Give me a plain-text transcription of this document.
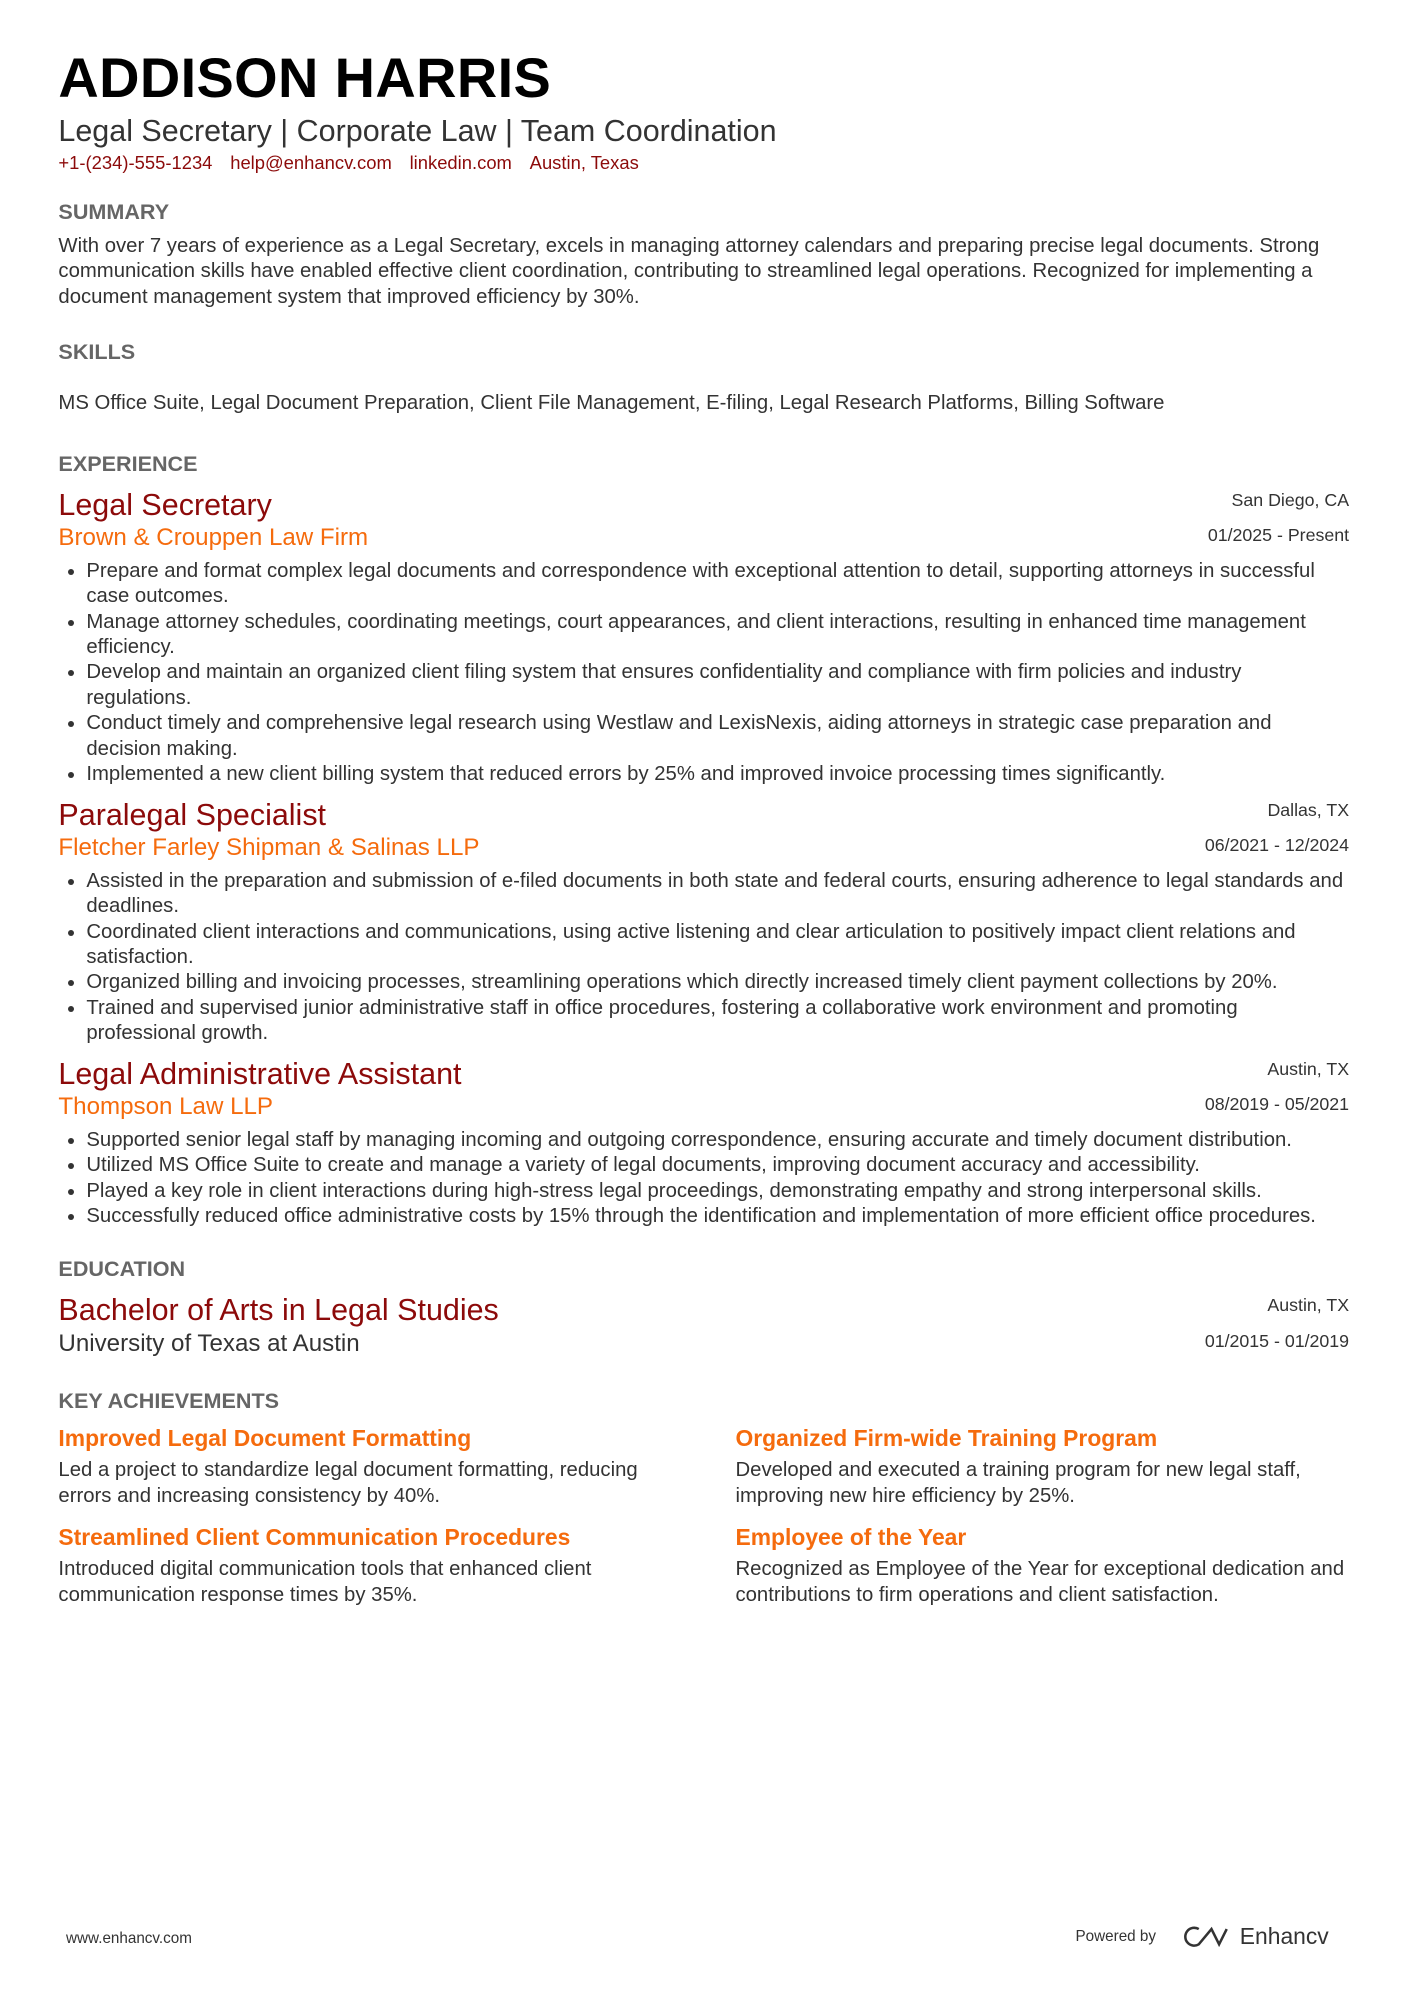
ADDISON HARRIS
Legal Secretary | Corporate Law | Team Coordination
+1-(234)-555-1234 help@enhancv.com linkedin.com Austin, Texas
SUMMARY
With over 7 years of experience as a Legal Secretary, excels in managing attorney calendars and preparing precise legal documents. Strong communication skills have enabled effective client coordination, contributing to streamlined legal operations. Recognized for implementing a document management system that improved efficiency by 30%.
SKILLS
MS Office Suite, Legal Document Preparation, Client File Management, E-filing, Legal Research Platforms, Billing Software
EXPERIENCE
Legal Secretary
Brown & Crouppen Law Firm
San Diego, CA
01/2025 - Present
• Prepare and format complex legal documents and correspondence with exceptional attention to detail, supporting attorneys in successful case outcomes.
• Manage attorney schedules, coordinating meetings, court appearances, and client interactions, resulting in enhanced time management efficiency.
• Develop and maintain an organized client filing system that ensures confidentiality and compliance with firm policies and industry regulations.
• Conduct timely and comprehensive legal research using Westlaw and LexisNexis, aiding attorneys in strategic case preparation and decision making.
• Implemented a new client billing system that reduced errors by 25% and improved invoice processing times significantly.
Paralegal Specialist
Fletcher Farley Shipman & Salinas LLP
Dallas, TX
06/2021 - 12/2024
• Assisted in the preparation and submission of e-filed documents in both state and federal courts, ensuring adherence to legal standards and deadlines.
• Coordinated client interactions and communications, using active listening and clear articulation to positively impact client relations and satisfaction.
• Organized billing and invoicing processes, streamlining operations which directly increased timely client payment collections by 20%.
• Trained and supervised junior administrative staff in office procedures, fostering a collaborative work environment and promoting professional growth.
Legal Administrative Assistant
Thompson Law LLP
Austin, TX
08/2019 - 05/2021
• Supported senior legal staff by managing incoming and outgoing correspondence, ensuring accurate and timely document distribution.
• Utilized MS Office Suite to create and manage a variety of legal documents, improving document accuracy and accessibility.
• Played a key role in client interactions during high-stress legal proceedings, demonstrating empathy and strong interpersonal skills.
• Successfully reduced office administrative costs by 15% through the identification and implementation of more efficient office procedures.
EDUCATION
Bachelor of Arts in Legal Studies
University of Texas at Austin
Austin, TX
01/2015 - 01/2019
KEY ACHIEVEMENTS
Improved Legal Document Formatting
Led a project to standardize legal document formatting, reducing errors and increasing consistency by 40%.
Organized Firm-wide Training Program
Developed and executed a training program for new legal staff, improving new hire efficiency by 25%.
Streamlined Client Communication Procedures
Introduced digital communication tools that enhanced client communication response times by 35%.
Employee of the Year
Recognized as Employee of the Year for exceptional dedication and contributions to firm operations and client satisfaction.
www.enhancv.com	Powered by	Enhancv
